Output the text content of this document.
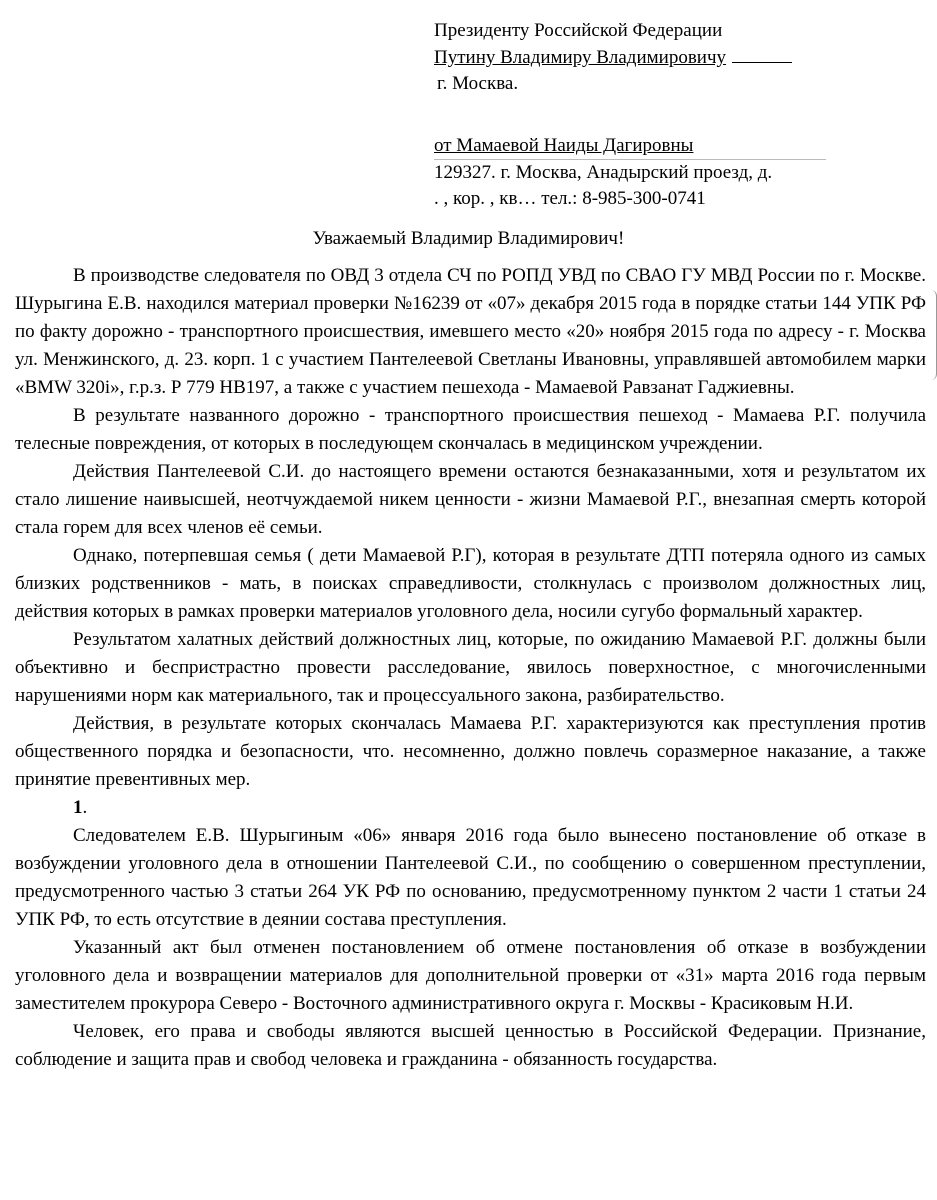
Президенту Российской Федерации
Путину Владимиру Владимировичу
г. Москва.
от Мамаевой Наиды Дагировны
129327. г. Москва, Анадырский проезд, д.
. , кор. , кв… тел.: 8-985-300-0741

Уважаемый Владимир Владимирович!

В производстве следователя по ОВД 3 отдела СЧ по РОПД УВД по СВАО ГУ МВД России по г. Москве. Шурыгина Е.В. находился материал проверки №16239 от «07» декабря 2015 года в порядке статьи 144 УПК РФ по факту дорожно - транспортного происшествия, имевшего место «20» ноября 2015 года по адресу - г. Москва ул. Менжинского, д. 23. корп. 1 с участием Пантелеевой Светланы Ивановны, управлявшей автомобилем марки «BMW 320i», г.р.з. Р 779 НВ197, а также с участием пешехода - Мамаевой Равзанат Гаджиевны.

В результате названного дорожно - транспортного происшествия пешеход - Мамаева Р.Г. получила телесные повреждения, от которых в последующем скончалась в медицинском учреждении.

Действия Пантелеевой С.И. до настоящего времени остаются безнаказанными, хотя и результатом их стало лишение наивысшей, неотчуждаемой никем ценности - жизни Мамаевой Р.Г., внезапная смерть которой стала горем для всех членов её семьи.

Однако, потерпевшая семья ( дети Мамаевой Р.Г), которая в результате ДТП потеряла одного из самых близких родственников - мать, в поисках справедливости, столкнулась с произволом должностных лиц, действия которых в рамках проверки материалов уголовного дела, носили сугубо формальный характер.

Результатом халатных действий должностных лиц, которые, по ожиданию Мамаевой Р.Г. должны были объективно и беспристрастно провести расследование, явилось поверхностное, с многочисленными нарушениями норм как материального, так и процессуального закона, разбирательство.

Действия, в результате которых скончалась Мамаева Р.Г. характеризуются как преступления против общественного порядка и безопасности, что. несомненно, должно повлечь соразмерное наказание, а также принятие превентивных мер.

1.

Следователем Е.В. Шурыгиным «06» января 2016 года было вынесено постановление об отказе в возбуждении уголовного дела в отношении Пантелеевой С.И., по сообщению о совершенном преступлении, предусмотренного частью 3 статьи 264 УК РФ по основанию, предусмотренному пунктом 2 части 1 статьи 24 УПК РФ, то есть отсутствие в деянии состава преступления.

Указанный акт был отменен постановлением об отмене постановления об отказе в возбуждении уголовного дела и возвращении материалов для дополнительной проверки от «31» марта 2016 года первым заместителем прокурора Северо - Восточного административного округа г. Москвы - Красиковым Н.И.

Человек, его права и свободы являются высшей ценностью в Российской Федерации. Признание, соблюдение и защита прав и свобод человека и гражданина - обязанность государства.
